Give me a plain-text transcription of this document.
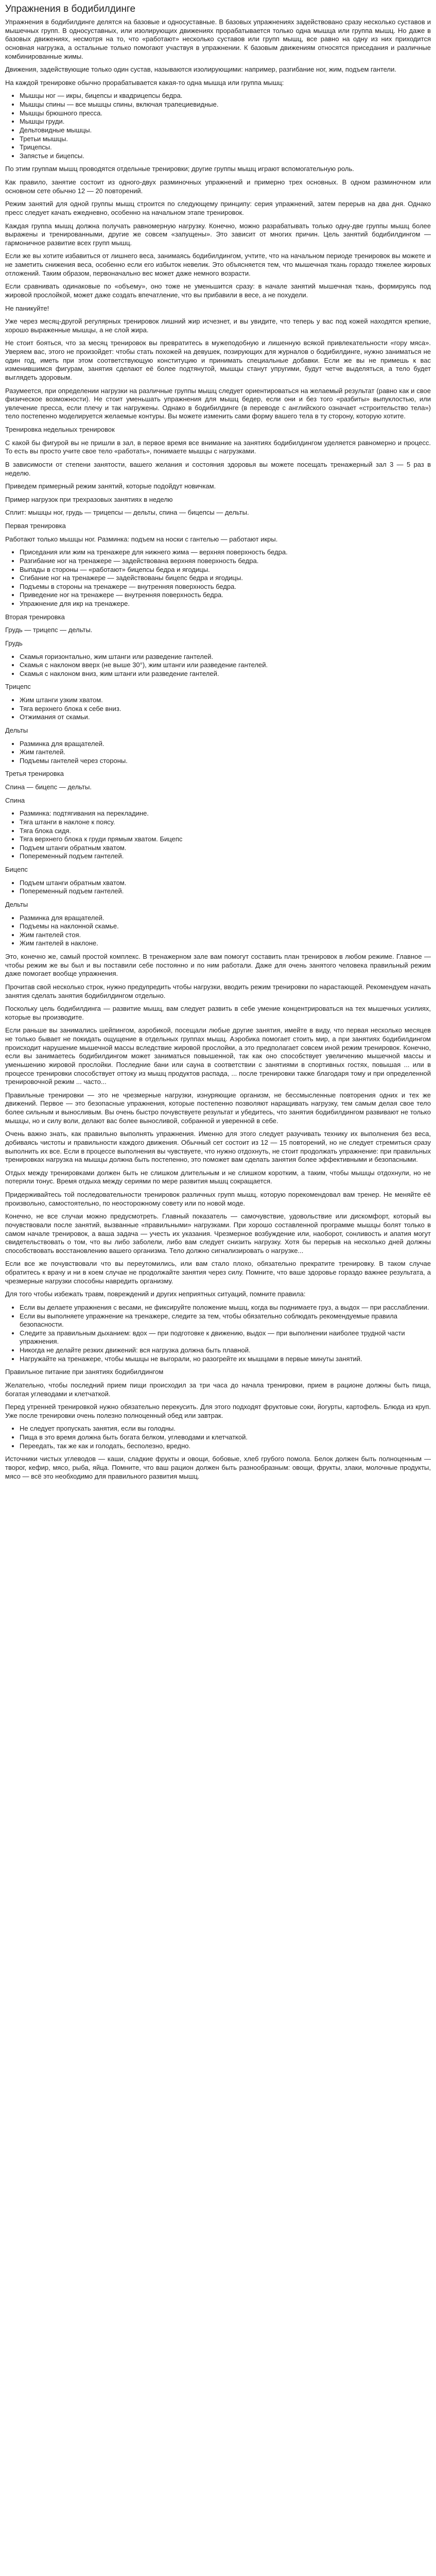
Упражнения в бодибилдинге

Упражнения в бодибилдинге делятся на базовые и односуставные. В базовых упражнениях задействовано сразу несколько суставов и мышечных групп. В односуставных, или изолирующих движениях прорабатывается только одна мышца или группа мышц. Но даже в базовых движениях, несмотря на то, что «работают» несколько суставов или групп мышц, все равно на одну из них приходится основная нагрузка, а остальные только помогают участвуя в упражнении. К базовым движениям относятся приседания и различные комбинированные жимы.

Движения, задействующие только один сустав, называются изолирующими: например, разгибание ног, жим, подъем гантели.

На каждой тренировке обычно прорабатывается какая-то одна мышца или группа мышц:

• Мышцы ног — икры, бицепсы и квадрицепсы бедра.
• Мышцы спины — все мышцы спины, включая трапециевидные.
• Мышцы брюшного пресса.
• Мышцы груди.
• Дельтовидные мышцы.
• Третьи мышцы.
• Трицепсы.
• Запястье и бицепсы.

По этим группам мышц проводятся отдельные тренировки; другие группы мышц играют вспомогательную роль.

Как правило, занятие состоит из одного-двух разминочных упражнений и примерно трех основных. В одном разминочном или основном сете обычно 12 — 20 повторений.

Режим занятий для одной группы мышц строится по следующему принципу: серия упражнений, затем перерыв на два дня. Однако пресс следует качать ежедневно, особенно на начальном этапе тренировок.

Каждая группа мышц должна получать равномерную нагрузку. Конечно, можно разрабатывать только одну-две группы мышц более выражены и тренированными, другие же совсем «запущены». Это зависит от многих причин. Цель занятий бодибилдингом — гармоничное развитие всех групп мышц.

Если же вы хотите избавиться от лишнего веса, занимаясь бодибилдингом, учтите, что на начальном периоде тренировок вы можете и не заметить снижения веса, особенно если его избыток невелик. Это объясняется тем, что мышечная ткань гораздо тяжелее жировых отложений. Таким образом, первоначально вес может даже немного возрасти.

Если сравнивать одинаковые по «объему», оно тоже не уменьшится сразу: в начале занятий мышечная ткань, формируясь под жировой прослойкой, может даже создать впечатление, что вы прибавили в весе, а не похудели.

Не паникуйте!

Уже через месяц-другой регулярных тренировок лишний жир исчезнет, и вы увидите, что теперь у вас под кожей находятся крепкие, хорошо выраженные мышцы, а не слой жира.

Не стоит бояться, что за месяц тренировок вы превратитесь в мужеподобную и лишенную всякой привлекательности «гору мяса». Уверяем вас, этого не произойдет: чтобы стать похожей на девушек, позирующих для журналов о бодибилдинге, нужно заниматься не один год, иметь при этом соответствующую конституцию и принимать специальные добавки. Если же вы не примешь к вас изменившимся фигурам, занятия сделают её более подтянутой, мышцы станут упругими, будут четче выделяться, а тело будет выглядеть здоровым.

Разумеется, при определении нагрузки на различные группы мышц следует ориентироваться на желаемый результат (равно как и свое физическое возможности). Не стоит уменьшать упражнения для мышц бедер, если они и без того «разбиты» выпуклостью, или увлечение пресса, если плечу и так нагружены. Однако в бодибилдинге (в переводе с английского означает «строительство тела») тело постепенно моделируется желаемые контуры. Вы можете изменить сами форму вашего тела в ту сторону, которую хотите.

Тренировка недельных тренировок

С какой бы фигурой вы не пришли в зал, в первое время все внимание на занятиях бодибилдингом уделяется равномерно и процесс. То есть вы просто учите свое тело «работать», понимаете мышцы с нагрузками.

В зависимости от степени занятости, вашего желания и состояния здоровья вы можете посещать тренажерный зал 3 — 5 раз в неделю.

Приведем примерный режим занятий, которые подойдут новичкам.

Пример нагрузок при трехразовых занятиях в неделю

Сплит: мышцы ног, грудь — трицепсы — дельты, спина — бицепсы — дельты.

Первая тренировка

Работают только мышцы ног. Разминка: подъем на носки с гантелью — работают икры.

• Приседания или жим на тренажере для нижнего жима — верхняя поверхность бедра.
• Разгибание ног на тренажере — задействована верхняя поверхность бедра.
• Выпады в стороны — «работают» бицепсы бедра и ягодицы.
• Сгибание ног на тренажере — задействованы бицепс бедра и ягодицы.
• Подъемы в стороны на тренажере — внутренняя поверхность бедра.
• Приведение ног на тренажере — внутренняя поверхность бедра.
• Упражнение для икр на тренажере.

Вторая тренировка

Грудь — трицепс — дельты.

Грудь

• Скамья горизонтально, жим штанги или разведение гантелей.
• Скамья с наклоном вверх (не выше 30°), жим штанги или разведение гантелей.
• Скамья с наклоном вниз, жим штанги или разведение гантелей.

Трицепс

• Жим штанги узким хватом.
• Тяга верхнего блока к себе вниз.
• Отжимания от скамьи.

Дельты

• Разминка для вращателей.
• Жим гантелей.
• Подъемы гантелей через стороны.

Третья тренировка

Спина — бицепс — дельты.

Спина

• Разминка: подтягивания на перекладине.
• Тяга штанги в наклоне к поясу.
• Тяга блока сидя.
• Тяга верхнего блока к груди прямым хватом. Бицепс
• Подъем штанги обратным хватом.
• Попеременный подъем гантелей.

Бицепс

• Подъем штанги обратным хватом.
• Попеременный подъем гантелей.

Дельты

• Разминка для вращателей.
• Подъемы на наклонной скамье.
• Жим гантелей стоя.
• Жим гантелей в наклоне.

Это, конечно же, самый простой комплекс. В тренажерном зале вам помогут составить план тренировок в любом режиме. Главное — чтобы режим же вы был и вы поставили себе постоянно и по ним работали. Даже для очень занятого человека правильный режим даже помогает вообще упражнения.

Прочитав свой несколько строк, нужно предупредить чтобы нагрузки, вводить режим тренировки по нарастающей. Рекомендуем начать занятия сделать занятия бодибилдингом отдельно.

Поскольку цель бодибилдинга — развитие мышц, вам следует развить в себе умение концентрироваться на тех мышечных усилиях, которые вы производите.

Если раньше вы занимались шейпингом, аэробикой, посещали любые другие занятия, имейте в виду, что первая несколько месяцев не только бывает не покидать ощущение в отдельных группах мышц. Аэробика помогает стоить мир, а при занятиях бодибилдингом происходит нарушение мышечной массы вследствие жировой прослойки, а это предполагает совсем иной режим тренировок. Конечно, если вы занимаетесь бодибилдингом может заниматься повышенной, так как оно способствует увеличению мышечной массы и уменьшению жировой прослойки. Последние бани или сауна в соответствии с занятиями в спортивных гостях, повышая ... или в процессе тренировки способствует оттоку из мышц продуктов распада, ... после тренировки также благодаря тому и при определенной тренировочной режим ... часто...

Правильные тренировки — это не чрезмерные нагрузки, изнуряющие организм, не бессмысленные повторения одних и тех же движений. Первое — это безопасные упражнения, которые постепенно позволяют наращивать нагрузку, тем самым делая свое тело более сильным и выносливым. Вы очень быстро почувствуете результат и убедитесь, что занятия бодибилдингом развивают не только мышцы, но и силу воли, делают вас более выносливой, собранной и уверенной в себе.

Очень важно знать, как правильно выполнять упражнения. Именно для этого следует разучивать технику их выполнения без веса, добиваясь чистоты и правильности каждого движения. Обычный сет состоит из 12 — 15 повторений, но не следует стремиться сразу выполнить их все. Если в процессе выполнения вы чувствуете, что нужно отдохнуть, не стоит продолжать упражнение: при правильных тренировках нагрузка на мышцы должна быть постепенно, это поможет вам сделать занятия более эффективными и безопасными.

Отдых между тренировками должен быть не слишком длительным и не слишком коротким, а таким, чтобы мышцы отдохнули, но не потеряли тонус. Время отдыха между сериями по мере развития мышц сокращается.

Придерживайтесь той последовательности тренировок различных групп мышц, которую порекомендовал вам тренер. Не меняйте её произвольно, самостоятельно, по неосторожному совету или по новой моде.

Конечно, не все случаи можно предусмотреть. Главный показатель — самочувствие, удовольствие или дискомфорт, который вы почувствовали после занятий, вызванные «правильными» нагрузками. При хорошо составленной программе мышцы болят только в самом начале тренировок, а ваша задача — учесть их указания. Чрезмерное возбуждение или, наоборот, сонливость и апатия могут свидетельствовать о том, что вы либо заболели, либо вам следует снизить нагрузку. Хотя бы перерыв на несколько дней должны способствовать восстановлению вашего организма. Тело должно сигнализировать о нагрузке...

Если все же почувствовали что вы переутомились, или вам стало плохо, обязательно прекратите тренировку. В таком случае обратитесь к врачу и ни в коем случае не продолжайте занятия через силу. Помните, что ваше здоровье гораздо важнее результата, а чрезмерные нагрузки способны навредить организму.

Для того чтобы избежать травм, повреждений и других неприятных ситуаций, помните правила:

• Если вы делаете упражнения с весами, не фиксируйте положение мышц, когда вы поднимаете груз, а выдох — при расслаблении.
• Если вы выполняете упражнение на тренажере, следите за тем, чтобы обязательно соблюдать рекомендуемые правила безопасности.
• Следите за правильным дыханием: вдох — при подготовке к движению, выдох — при выполнении наиболее трудной части упражнения.
• Никогда не делайте резких движений: вся нагрузка должна быть плавной.
• Нагружайте на тренажере, чтобы мышцы не выгорали, но разогрейте их мышцами в первые минуты занятий.

Правильное питание при занятиях бодибилдингом

Желательно, чтобы последний прием пищи происходил за три часа до начала тренировки, прием в рационе должны быть пища, богатая углеводами и клетчаткой.

Перед утренней тренировкой нужно обязательно перекусить. Для этого подходят фруктовые соки, йогурты, картофель. Блюда из круп. Уже после тренировки очень полезно полноценный обед или завтрак.

• Не следует пропускать занятия, если вы голодны.
• Пища в это время должна быть богата белком, углеводами и клетчаткой.
• Переедать, так же как и голодать, бесполезно, вредно.

Источники чистых углеводов — каши, сладкие фрукты и овощи, бобовые, хлеб грубого помола. Белок должен быть полноценным — творог, кефир, мясо, рыба, яйца. Помните, что ваш рацион должен быть разнообразным: овощи, фрукты, злаки, молочные продукты, мясо — всё это необходимо для правильного развития мышц.
